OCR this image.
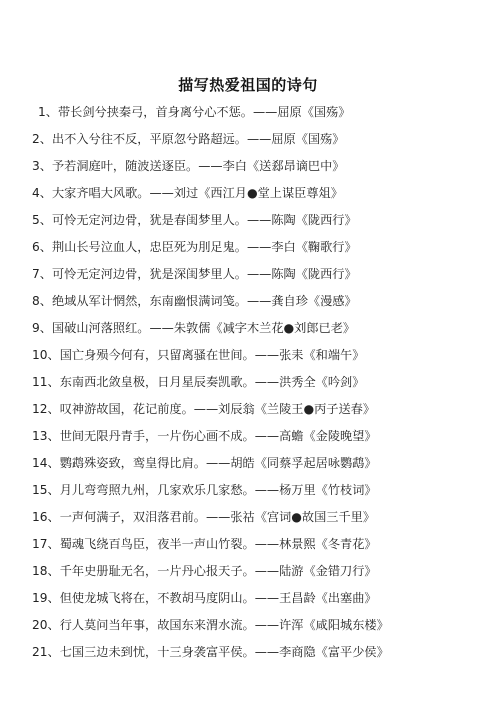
描写热爱祖国的诗句
1、带长剑兮挟秦弓，首身离兮心不惩。——屈原《国殇》
2、出不入兮往不反，平原忽兮路超远。——屈原《国殇》
3、予若洞庭叶，随波送逐臣。——李白《送郄昂谪巴中》
4、大家齐唱大风歌。——刘过《西江月●堂上谋臣尊俎》
5、可怜无定河边骨，犹是春闺梦里人。——陈陶《陇西行》
6、荆山长号泣血人，忠臣死为刖足鬼。——李白《鞠歌行》
7、可怜无定河边骨，犹是深闺梦里人。——陈陶《陇西行》
8、绝域从军计惘然，东南幽恨满词笺。——龚自珍《漫感》
9、国破山河落照红。——朱敦儒《减字木兰花●刘郎已老》
10、国亡身殒今何有，只留离骚在世间。——张耒《和端午》
11、东南西北敛皇极，日月星辰奏凯歌。——洪秀全《吟剑》
12、叹神游故国，花记前度。——刘辰翁《兰陵王●丙子送春》
13、世间无限丹青手，一片伤心画不成。——高蟾《金陵晚望》
14、鹦鹉殊姿致，鸾皇得比肩。——胡皓《同蔡孚起居咏鹦鹉》
15、月儿弯弯照九州，几家欢乐几家愁。——杨万里《竹枝词》
16、一声何满子，双泪落君前。——张祜《宫词●故国三千里》
17、蜀魂飞绕百鸟臣，夜半一声山竹裂。——林景熙《冬青花》
18、千年史册耻无名，一片丹心报天子。——陆游《金错刀行》
19、但使龙城飞将在，不教胡马度阴山。——王昌龄《出塞曲》
20、行人莫问当年事，故国东来渭水流。——许浑《咸阳城东楼》
21、七国三边未到忧，十三身袭富平侯。——李商隐《富平少侯》
